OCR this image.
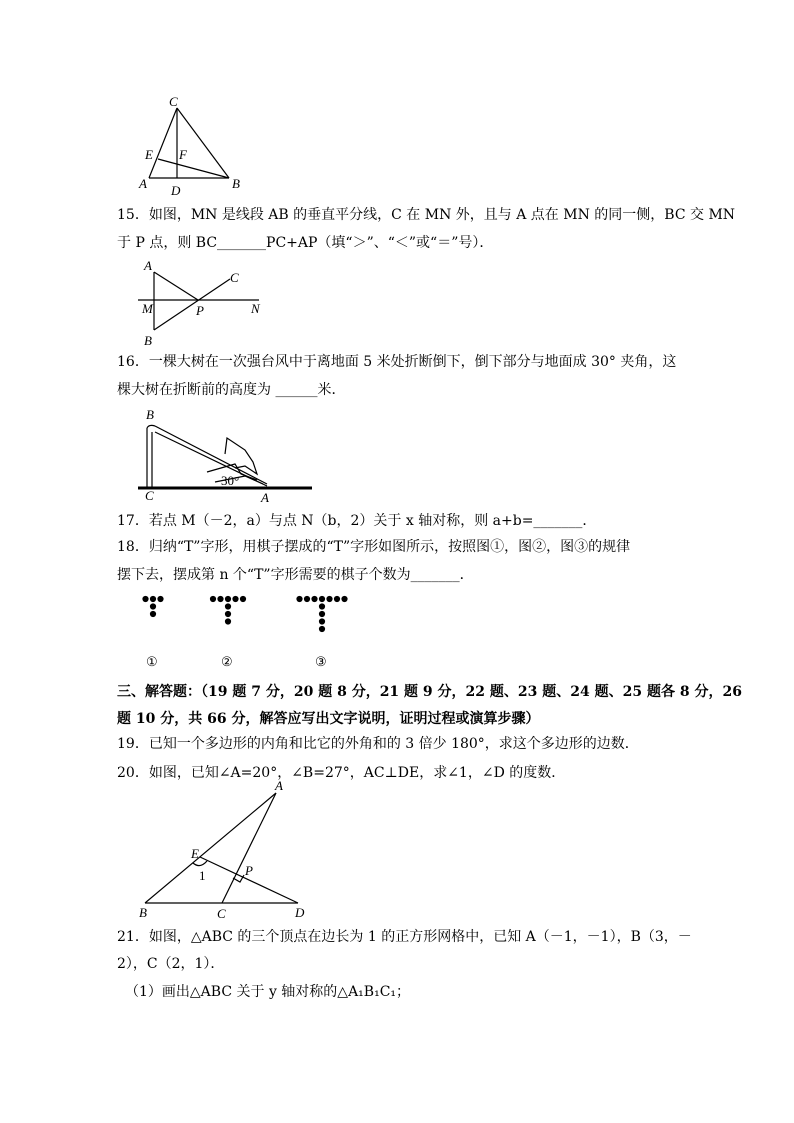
C
E F
A D	B
15．如图，MN 是线段 AB 的垂直平分线，C 在 MN 外，且与 A 点在 MN 的同一侧，BC 交 MN
于 P 点，则 BC_______PC+AP（填“＞”、“＜”或“＝”号）．
A
C
M	P	N
B
16．一棵大树在一次强台风中于离地面 5 米处折断倒下，倒下部分与地面成 30° 夹角，这
棵大树在折断前的高度为 ______米．
B
C	A
30°
17．若点 M（－2，a）与点 N（b，2）关于 x 轴对称，则 a+b=_______．
18．归纳“T”字形，用棋子摆成的“T”字形如图所示，按照图①，图②，图③的规律
摆下去，摆成第 n 个“T”字形需要的棋子个数为_______．
①	②	③
三、解答题：（19 题 7 分，20 题 8 分，21 题 9 分，22 题、23 题、24 题、25 题各 8 分，26
题 10 分，共 66 分，解答应写出文字说明，证明过程或演算步骤）
19．已知一个多边形的内角和比它的外角和的 3 倍少 180°，求这个多边形的边数．
20．如图，已知∠A=20°，∠B=27°，AC⊥DE，求∠1，∠D 的度数．
A
E
1	P
B	C	D
21．如图，△ABC 的三个顶点在边长为 1 的正方形网格中，已知 A（－1，－1），B（3，－
2），C（2，1）．
（1）画出△ABC 关于 y 轴对称的△A₁B₁C₁；
